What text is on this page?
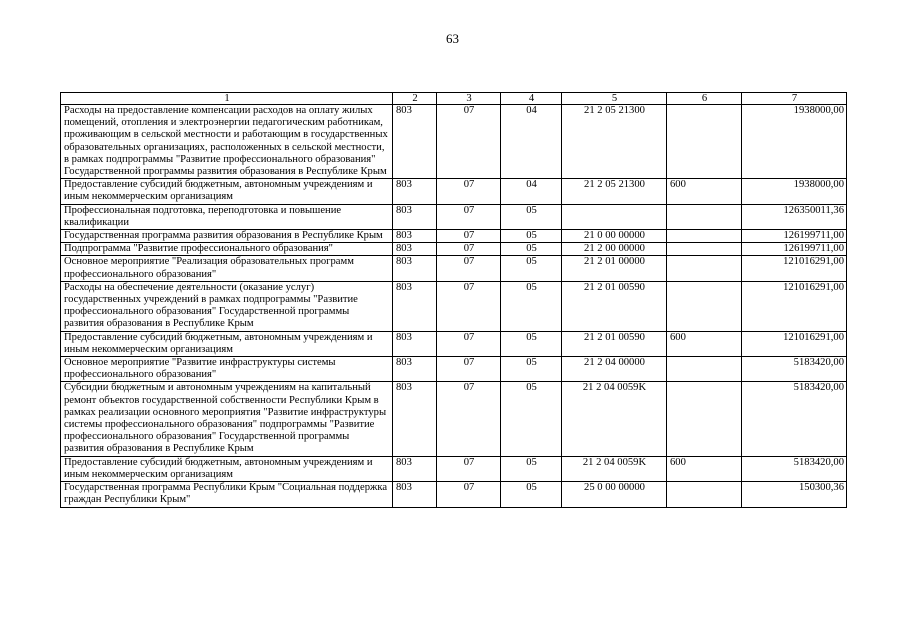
63
1	2	3	4	5	6	7
Расходы на предоставление компенсации расходов на оплату жилых помещений, отопления и электроэнергии педагогическим работникам, проживающим в сельской местности и работающим в государственных образовательных организациях, расположенных в сельской местности, в рамках подпрограммы "Развитие профессионального образования" Государственной программы развития образования в Республике Крым	803	07	04	21 2 05 21300		1938000,00
Предоставление субсидий бюджетным, автономным учреждениям и иным некоммерческим организациям	803	07	04	21 2 05 21300	600	1938000,00
Профессиональная подготовка, переподготовка и повышение квалификации	803	07	05			126350011,36
Государственная программа развития образования в Республике Крым	803	07	05	21 0 00 00000		126199711,00
Подпрограмма "Развитие профессионального образования"	803	07	05	21 2 00 00000		126199711,00
Основное мероприятие "Реализация образовательных программ профессионального образования"	803	07	05	21 2 01 00000		121016291,00
Расходы на обеспечение деятельности (оказание услуг) государственных учреждений в рамках подпрограммы "Развитие профессионального образования" Государственной программы развития образования в Республике Крым	803	07	05	21 2 01 00590		121016291,00
Предоставление субсидий бюджетным, автономным учреждениям и иным некоммерческим организациям	803	07	05	21 2 01 00590	600	121016291,00
Основное мероприятие "Развитие инфраструктуры системы профессионального образования"	803	07	05	21 2 04 00000		5183420,00
Субсидии бюджетным и автономным учреждениям на капитальный ремонт объектов государственной собственности Республики Крым в рамках реализации основного мероприятия "Развитие инфраструктуры системы профессионального образования" подпрограммы "Развитие профессионального образования" Государственной программы развития образования в Республике Крым	803	07	05	21 2 04 0059K		5183420,00
Предоставление субсидий бюджетным, автономным учреждениям и иным некоммерческим организациям	803	07	05	21 2 04 0059K	600	5183420,00
Государственная программа Республики Крым "Социальная поддержка граждан Республики Крым"	803	07	05	25 0 00 00000		150300,36
